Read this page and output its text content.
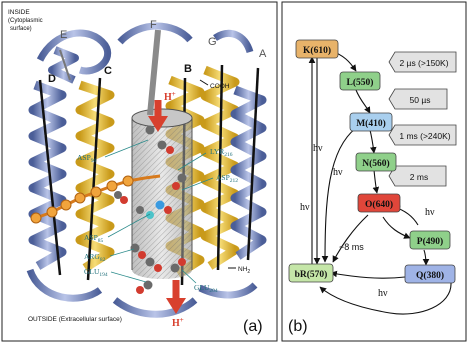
H+
H+
D
C	B
E
F
G
A
INSIDE
(Cytoplasmic
surface)
OUTSIDE (Extracellular surface)
COOH
$NH_2$
$ASP_{96}$
$LYR_{216}$
$ASP_{212}$
$ASP_{85}$
$ARG_{82}$
$GLU_{194}$
$GLU_{204}$
(a)
2 µs (>150K)
50 µs
1 ms (>240K)
2 ms
hν
hν
hν
hν
hν
~8 ms
K(610)
L(550)
M(410)
N(560)
O(640)
P(490)
Q(380)
bR(570)
(b)
